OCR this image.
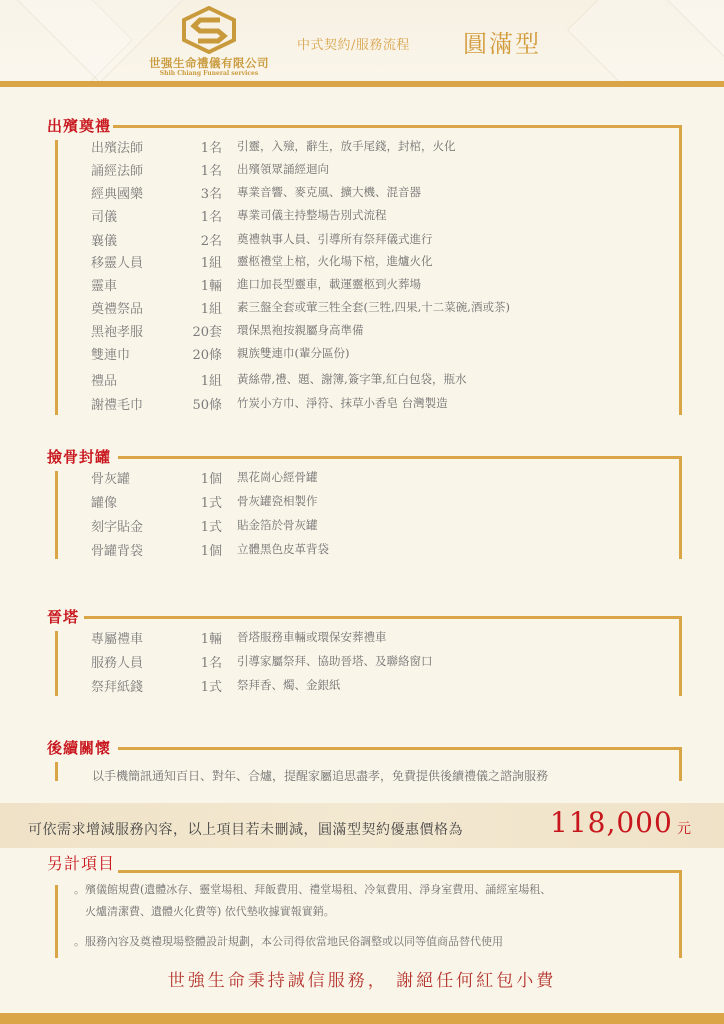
世强生命禮儀有限公司
Shih Chiang Funeral services
中式契約/服務流程 圓滿型
出殯奠禮
出殯法師	1名 引靈，入殮，辭生，放手尾錢，封棺，火化
誦經法師	1名 出殯領眾誦經迴向
經典國樂	3名 專業音響、麥克風、擴大機、混音器
司儀	1名 專業司儀主持整場告別式流程
襄儀	2名 奠禮執事人員、引導所有祭拜儀式進行
移靈人員	1組 靈柩禮堂上棺，火化場下棺，進爐火化
靈車	1輛 進口加長型靈車，載運靈柩到火葬場
奠禮祭品	1組 素三盤全套或葷三牲全套(三牲,四果,十二菜碗,酒或茶)
黑袍孝服	20套 環保黑袍按親屬身高準備
雙連巾	20條 親族雙連巾(輩分區份)
禮品	1組 黃絲帶,禮、題、謝簿,簽字筆,紅白包袋，瓶水
謝禮毛巾	50條 竹炭小方巾、淨符、抹草小香皂 台灣製造
撿骨封罐
骨灰罐	1個 黑花崗心經骨罐
罐像	1式 骨灰罐瓷相製作
刻字貼金	1式 貼金箔於骨灰罐
骨罐背袋	1個 立體黑色皮革背袋
晉塔
專屬禮車	1輛 晉塔服務車輛或環保安葬禮車
服務人員	1名 引導家屬祭拜、協助晉塔、及聯絡窗口
祭拜紙錢	1式 祭拜香、燭、金銀紙
後續關懷
以手機簡訊通知百日、對年、合爐，提醒家屬追思盡孝，免費提供後續禮儀之諮詢服務
可依需求增減服務內容，以上項目若未刪減，圓滿型契約優惠價格為	118,000 元
另計項目
。殯儀館規費(遺體冰存、靈堂場租、拜飯費用、禮堂場租、冷氣費用、淨身室費用、誦經室場租、
火爐清潔費、遺體火化費等) 依代墊收據實報實銷。
。服務內容及奠禮現場整體設計規劃，本公司得依當地民俗調整或以同等值商品替代使用
世強生命秉持誠信服務， 謝絕任何紅包小費
